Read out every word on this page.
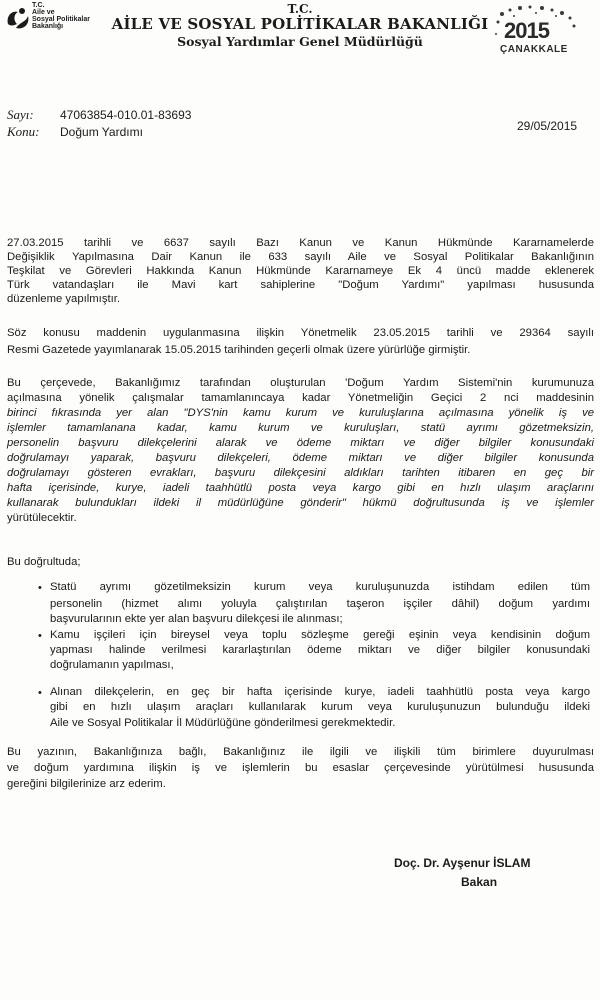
T.C.
Aile ve
Sosyal Politikalar
Bakanlığı
T.C.
AİLE VE SOSYAL POLİTİKALAR BAKANLIĞI
Sosyal Yardımlar Genel Müdürlüğü	2015
ÇANAKKALE
Sayı: 47063854-010.01-83693
Konu: Doğum Yardımı	29/05/2015
27.03.2015 tarihli ve 6637 sayılı Bazı Kanun ve Kanun Hükmünde Kararnamelerde
Değişiklik Yapılmasına Dair Kanun ile 633 sayılı Aile ve Sosyal Politikalar Bakanlığının
Teşkilat ve Görevleri Hakkında Kanun Hükmünde Kararnameye Ek 4 üncü madde eklenerek
Türk vatandaşları ile Mavi kart sahiplerine "Doğum Yardımı" yapılması hususunda
düzenleme yapılmıştır.
Söz konusu maddenin uygulanmasına ilişkin Yönetmelik 23.05.2015 tarihli ve 29364 sayılı
Resmi Gazetede yayımlanarak 15.05.2015 tarihinden geçerli olmak üzere yürürlüğe girmiştir.
Bu çerçevede, Bakanlığımız tarafından oluşturulan 'Doğum Yardım Sistemi'nin kurumunuza
açılmasına yönelik çalışmalar tamamlanıncaya kadar Yönetmeliğin Geçici 2 nci maddesinin
birinci fıkrasında yer alan "DYS'nin kamu kurum ve kuruluşlarına açılmasına yönelik iş ve
işlemler tamamlanana kadar, kamu kurum ve kuruluşları, statü ayrımı gözetmeksizin,
personelin başvuru dilekçelerini alarak ve ödeme miktarı ve diğer bilgiler konusundaki
doğrulamayı yaparak, başvuru dilekçeleri, ödeme miktarı ve diğer bilgiler konusunda
doğrulamayı gösteren evrakları, başvuru dilekçesini aldıkları tarihten itibaren en geç bir
hafta içerisinde, kurye, iadeli taahhütlü posta veya kargo gibi en hızlı ulaşım araçlarını
kullanarak bulundukları ildeki il müdürlüğüne gönderir" hükmü doğrultusunda iş ve işlemler
yürütülecektir.
Bu doğrultuda;
• Statü ayrımı gözetilmeksizin kurum veya kuruluşunuzda istihdam edilen tüm
personelin (hizmet alımı yoluyla çalıştırılan taşeron işçiler dâhil) doğum yardımı
başvurularının ekte yer alan başvuru dilekçesi ile alınması;
• Kamu işçileri için bireysel veya toplu sözleşme gereği eşinin veya kendisinin doğum
yapması halinde verilmesi kararlaştırılan ödeme miktarı ve diğer bilgiler konusundaki
doğrulamanın yapılması,
• Alınan dilekçelerin, en geç bir hafta içerisinde kurye, iadeli taahhütlü posta veya kargo
gibi en hızlı ulaşım araçları kullanılarak kurum veya kuruluşunuzun bulunduğu ildeki
Aile ve Sosyal Politikalar İl Müdürlüğüne gönderilmesi gerekmektedir.
Bu yazının, Bakanlığınıza bağlı, Bakanlığınız ile ilgili ve ilişkili tüm birimlere duyurulması
ve doğum yardımına ilişkin iş ve işlemlerin bu esaslar çerçevesinde yürütülmesi hususunda
gereğini bilgilerinize arz ederim.
Doç. Dr. Ayşenur İSLAM
Bakan
